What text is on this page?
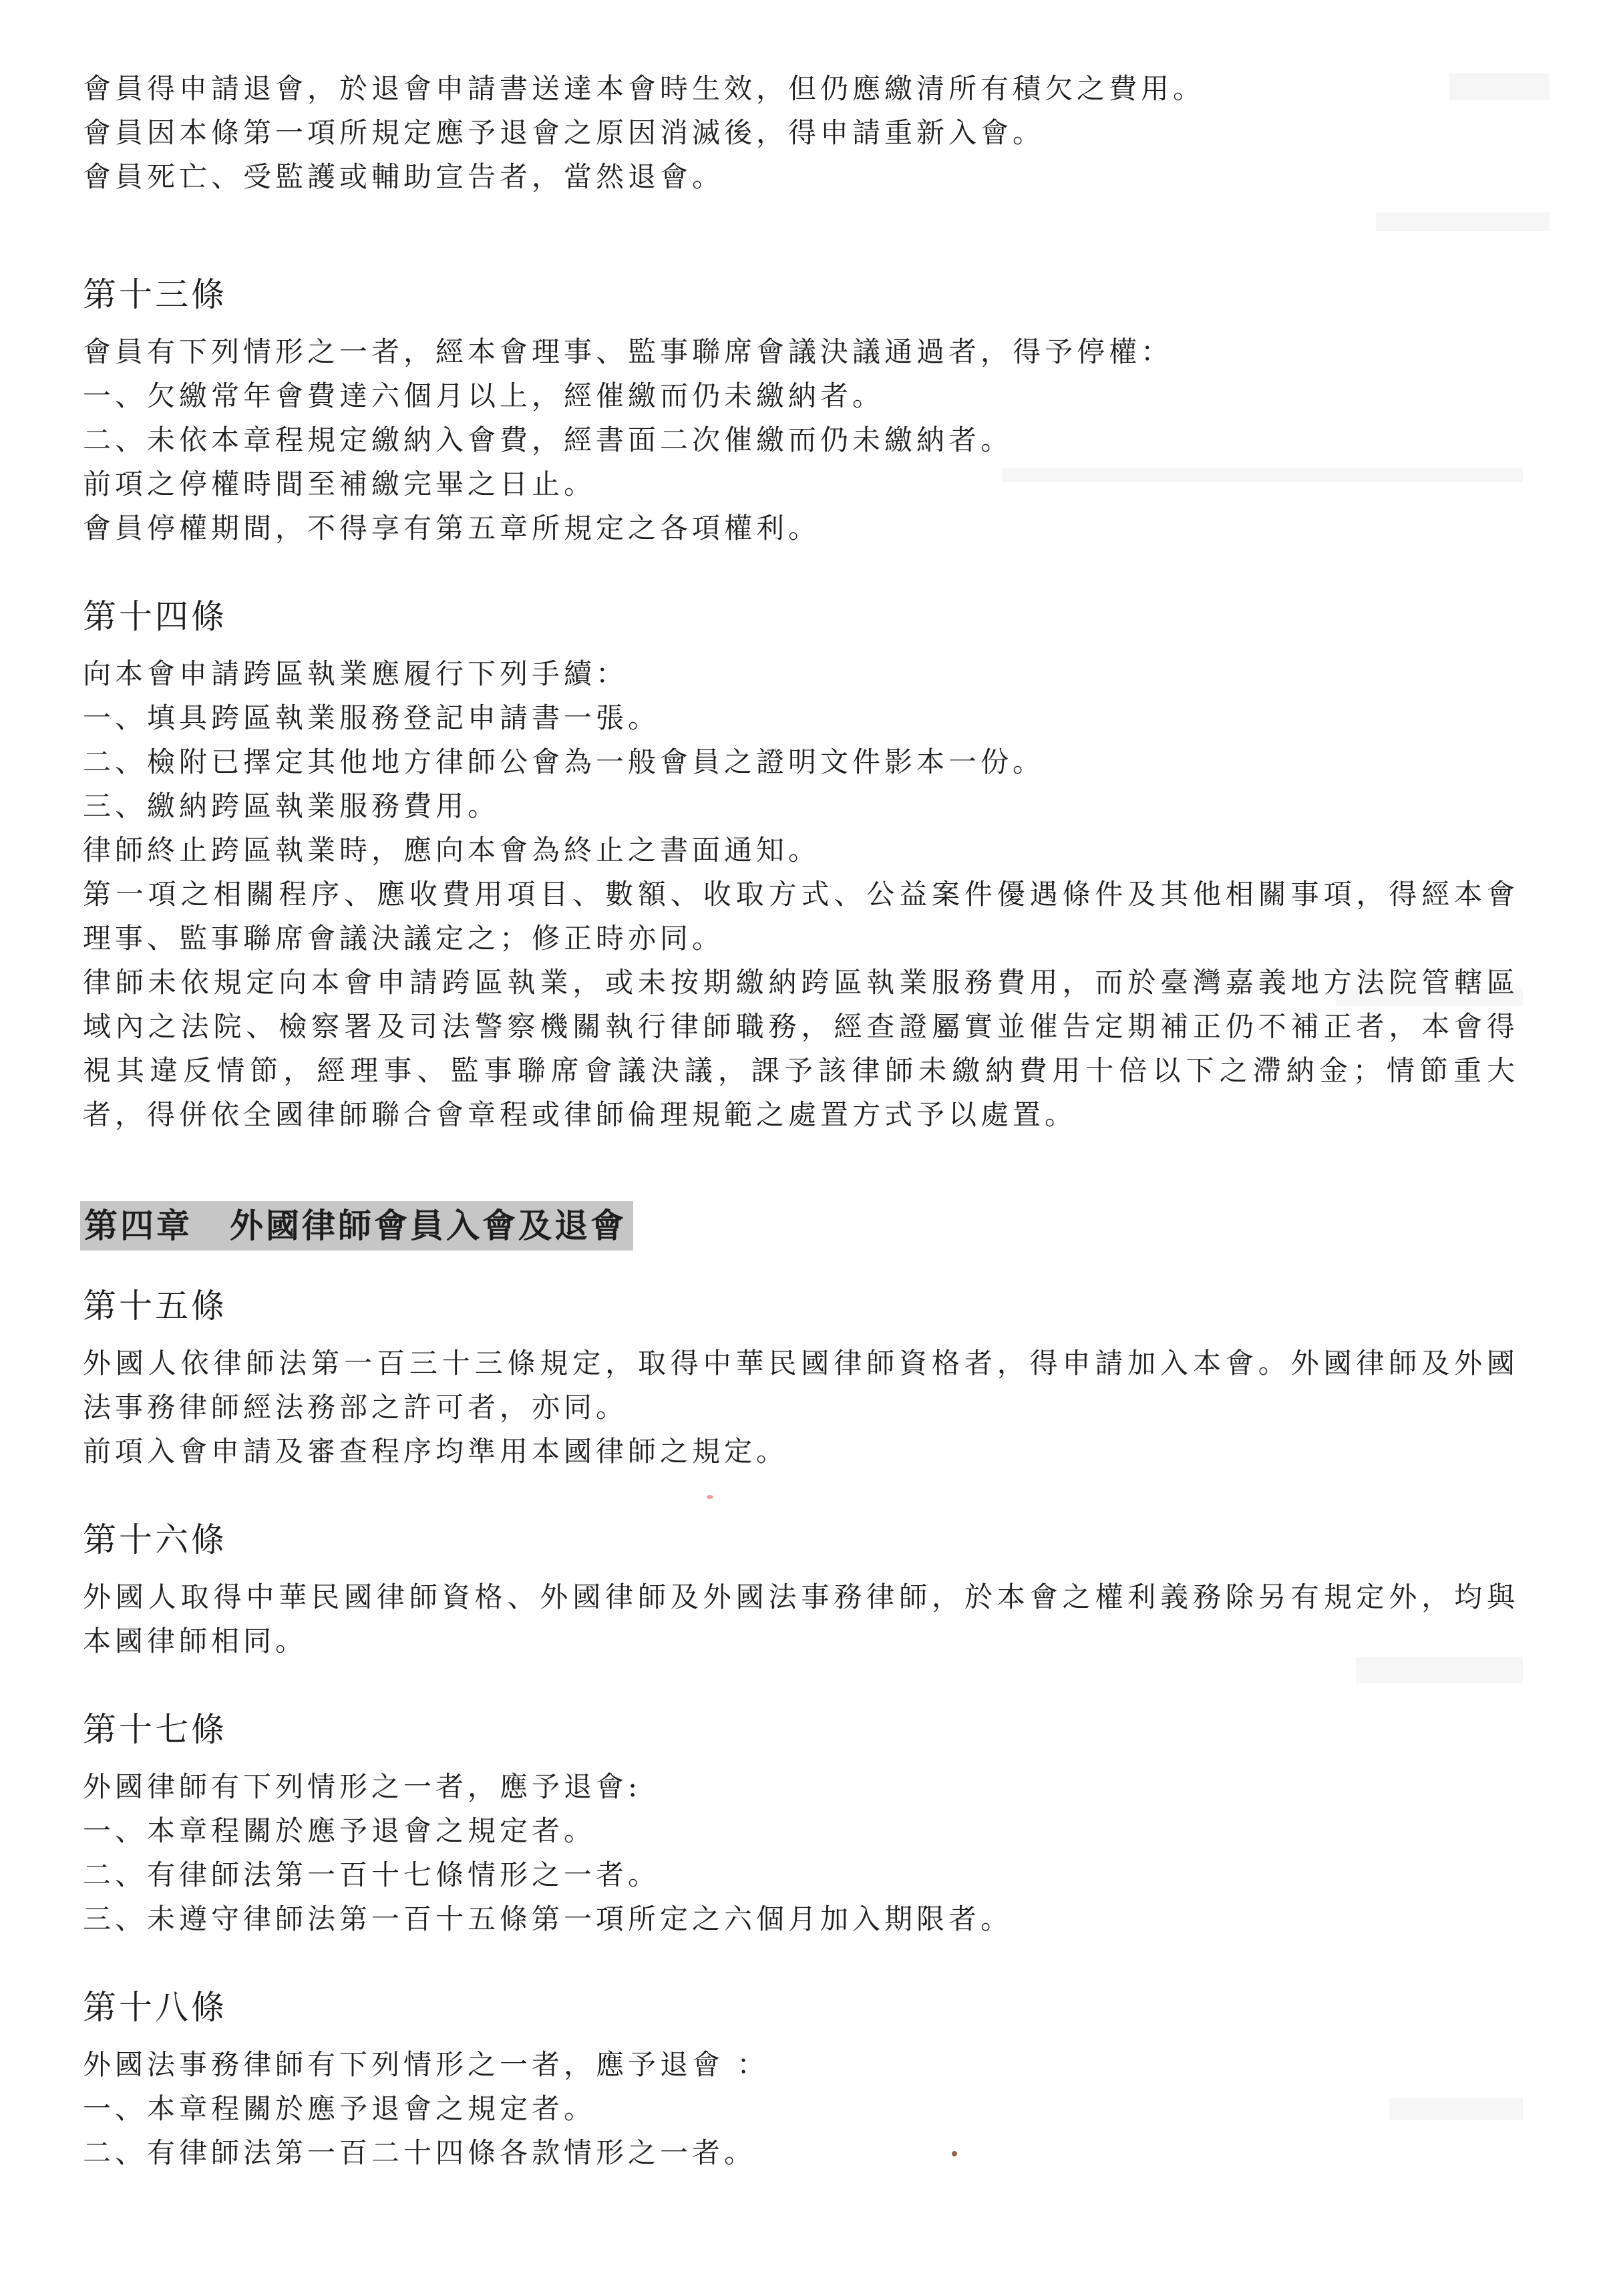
會員得申請退會，於退會申請書送達本會時生效，但仍應繳清所有積欠之費用。

會員因本條第一項所規定應予退會之原因消滅後，得申請重新入會。

會員死亡、受監護或輔助宣告者，當然退會。

第十三條

會員有下列情形之一者，經本會理事、監事聯席會議決議通過者，得予停權：

一、欠繳常年會費達六個月以上，經催繳而仍未繳納者。

二、未依本章程規定繳納入會費，經書面二次催繳而仍未繳納者。

前項之停權時間至補繳完畢之日止。

會員停權期間，不得享有第五章所規定之各項權利。

第十四條

向本會申請跨區執業應履行下列手續：

一、填具跨區執業服務登記申請書一張。

二、檢附已擇定其他地方律師公會為一般會員之證明文件影本一份。

三、繳納跨區執業服務費用。

律師終止跨區執業時，應向本會為終止之書面通知。

第一項之相關程序、應收費用項目、數額、收取方式、公益案件優遇條件及其他相關事項，得經本會理事、監事聯席會議決議定之；修正時亦同。

律師未依規定向本會申請跨區執業，或未按期繳納跨區執業服務費用，而於臺灣嘉義地方法院管轄區域內之法院、檢察署及司法警察機關執行律師職務，經查證屬實並催告定期補正仍不補正者，本會得視其違反情節，經理事、監事聯席會議決議，課予該律師未繳納費用十倍以下之滯納金；情節重大者，得併依全國律師聯合會章程或律師倫理規範之處置方式予以處置。

第四章 外國律師會員入會及退會
第十五條

外國人依律師法第一百三十三條規定，取得中華民國律師資格者，得申請加入本會。外國律師及外國法事務律師經法務部之許可者，亦同。

前項入會申請及審查程序均準用本國律師之規定。

第十六條

外國人取得中華民國律師資格、外國律師及外國法事務律師，於本會之權利義務除另有規定外，均與本國律師相同。

第十七條

外國律師有下列情形之一者，應予退會:

一、本章程關於應予退會之規定者。

二、有律師法第一百十七條情形之一者。

三、未遵守律師法第一百十五條第一項所定之六個月加入期限者。

第十八條

外國法事務律師有下列情形之一者，應予退會 ：

一、本章程關於應予退會之規定者。

二、有律師法第一百二十四條各款情形之一者。
